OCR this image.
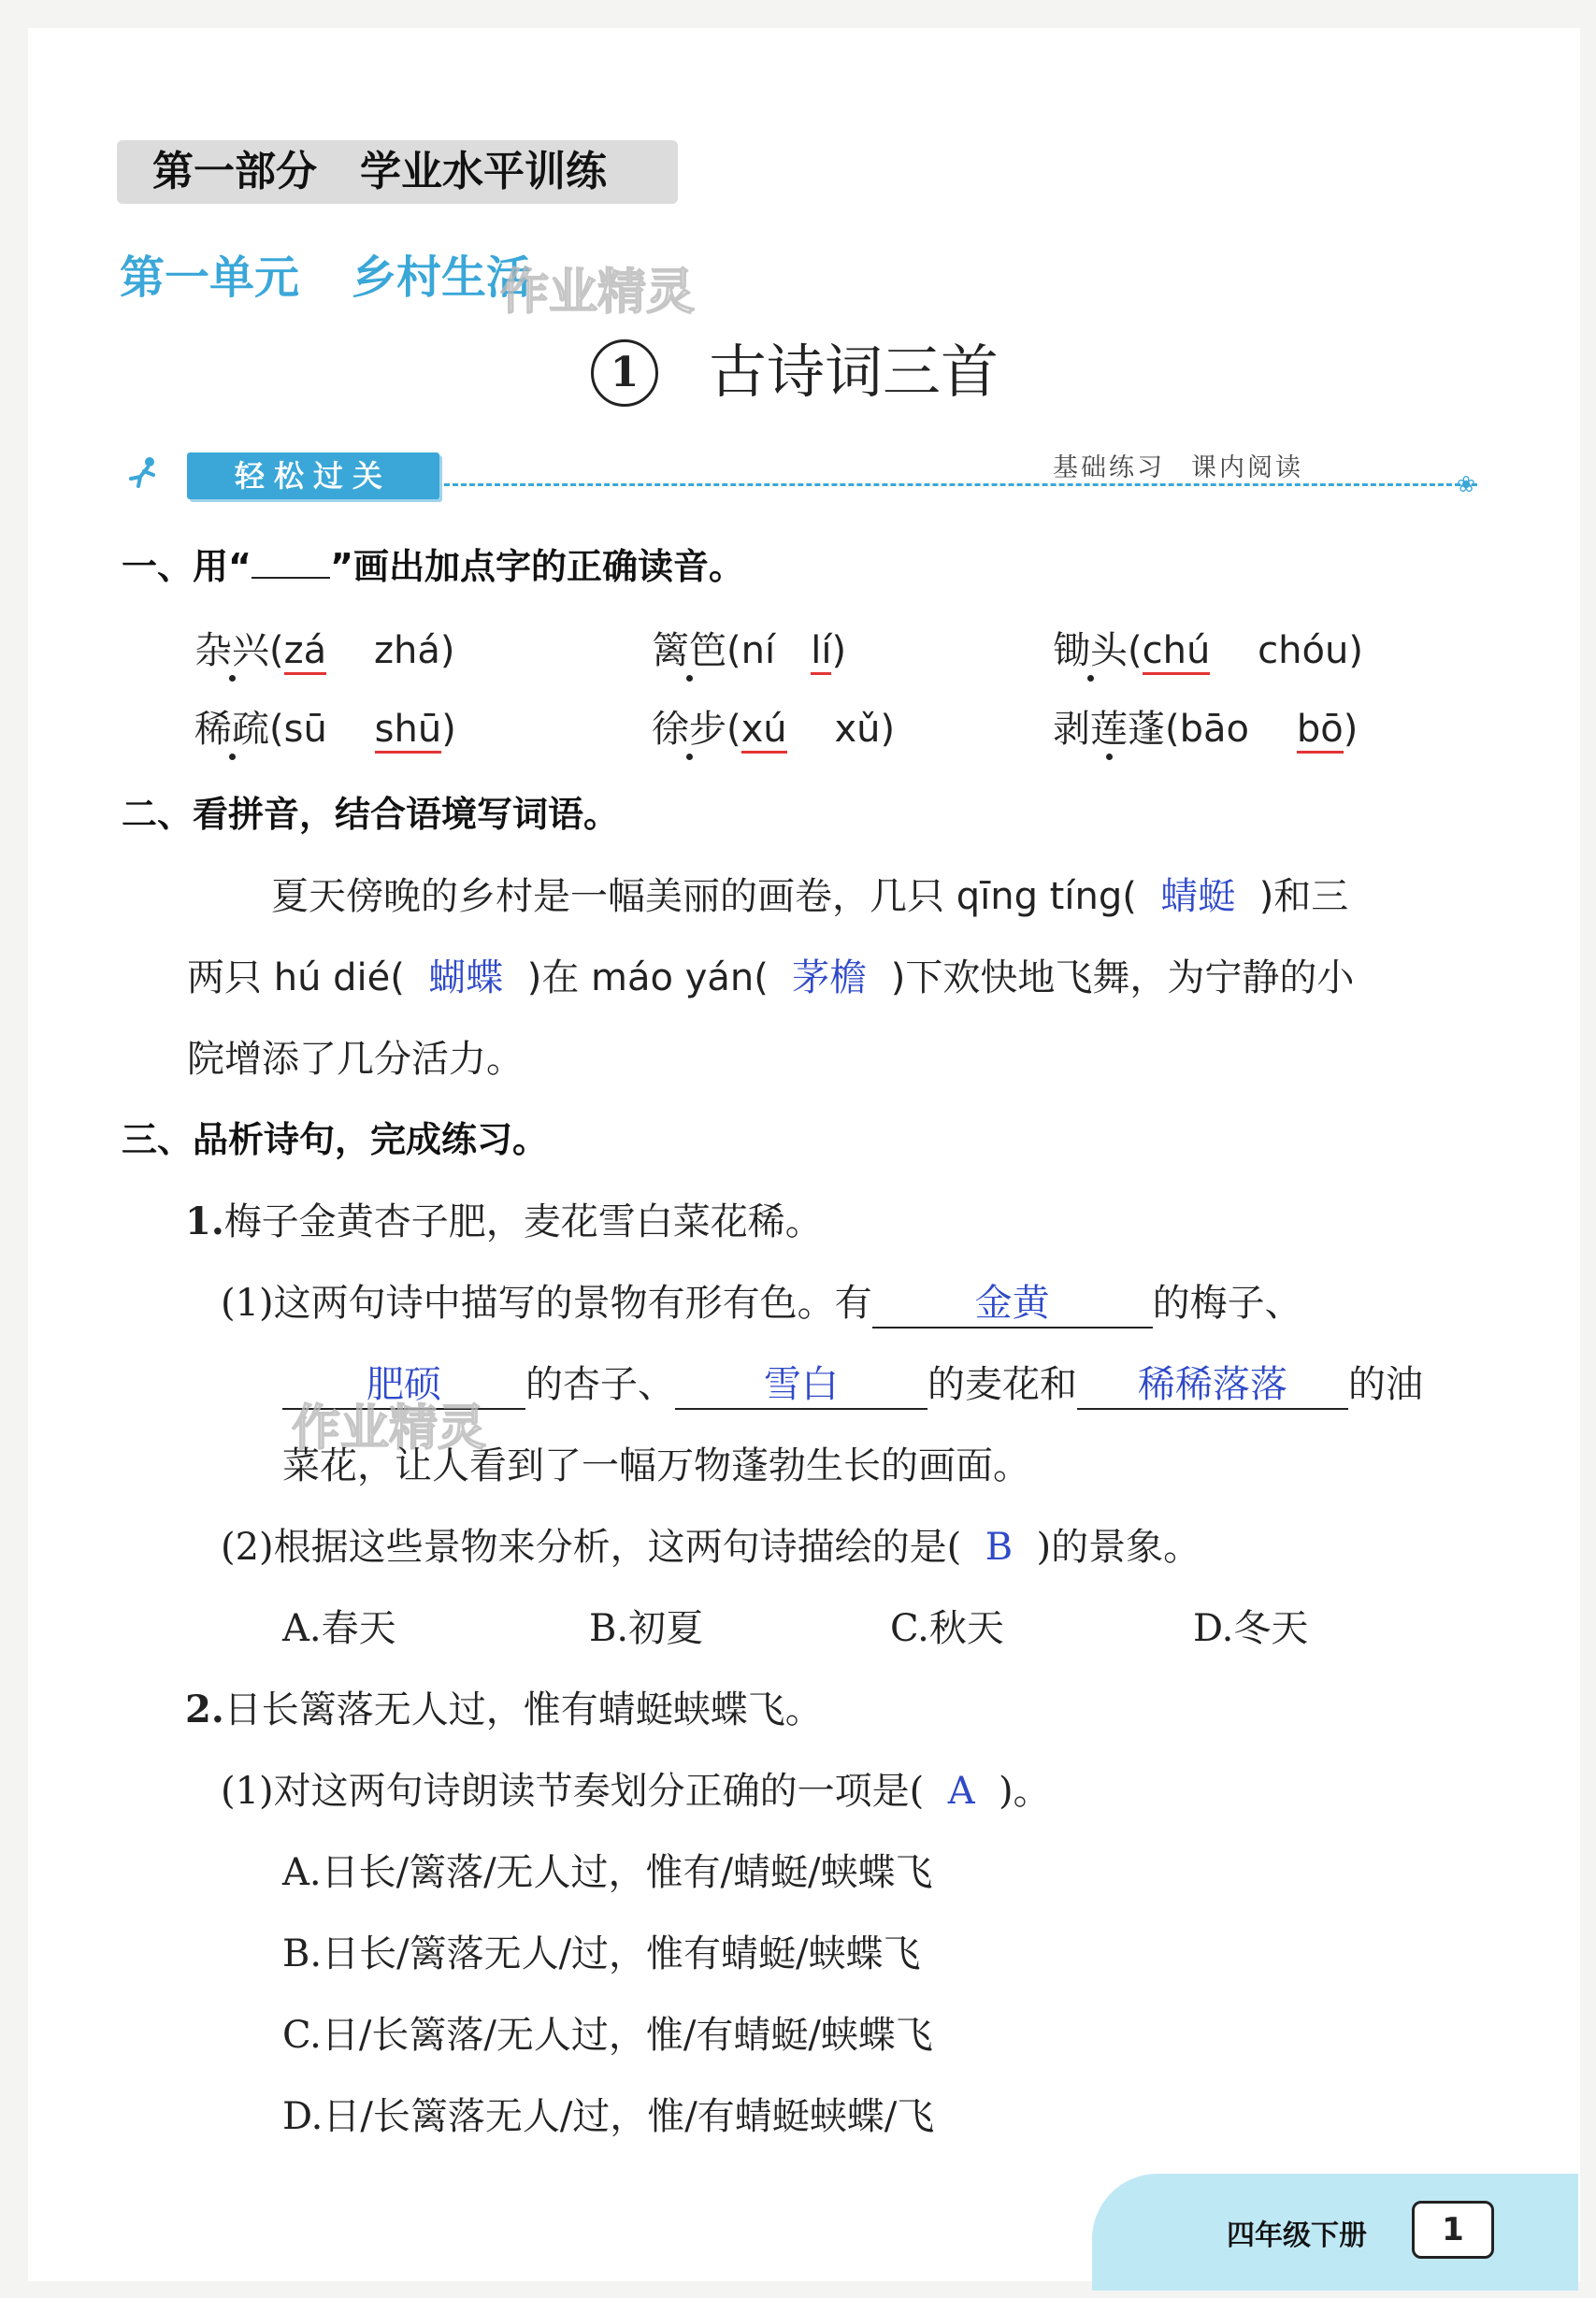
第一部分 学业水平训练
第一单元 乡村生活
作业精灵
1	古诗词三首
轻松过关	❀
基础练习 课内阅读
一、用“ ”画出加点字的正确读音。
杂兴(zá zhá)	篱笆(ní lí)	锄头(chú chóu)
稀疏(sū shū)	徐步(xú xǔ)	剥莲蓬(bāo bō)
二、看拼音，结合语境写词语。
夏天傍晚的乡村是一幅美丽的画卷，几只 qīng tíng( 蜻蜓 )和三
两只 hú dié( 蝴蝶 )在 máo yán( 茅檐 )下欢快地飞舞，为宁静的小
院增添了几分活力。
三、品析诗句，完成练习。
1.梅子金黄杏子肥，麦花雪白菜花稀。
(1)这两句诗中描写的景物有形有色。有	金黄	的梅子、
肥硕 的杏子、 雪白 的麦花和 稀稀落落 的油
作业精灵
菜花，让人看到了一幅万物蓬勃生长的画面。
(2)根据这些景物来分析，这两句诗描绘的是( B )的景象。
A.春天	B.初夏	C.秋天	D.冬天
2.日长篱落无人过，惟有蜻蜓蛱蝶飞。
(1)对这两句诗朗读节奏划分正确的一项是( A )。
A.日长/篱落/无人过，惟有/蜻蜓/蛱蝶飞
B.日长/篱落无人/过，惟有蜻蜓/蛱蝶飞
C.日/长篱落/无人过，惟/有蜻蜓/蛱蝶飞
D.日/长篱落无人/过，惟/有蜻蜓蛱蝶/飞
四年级下册	1
